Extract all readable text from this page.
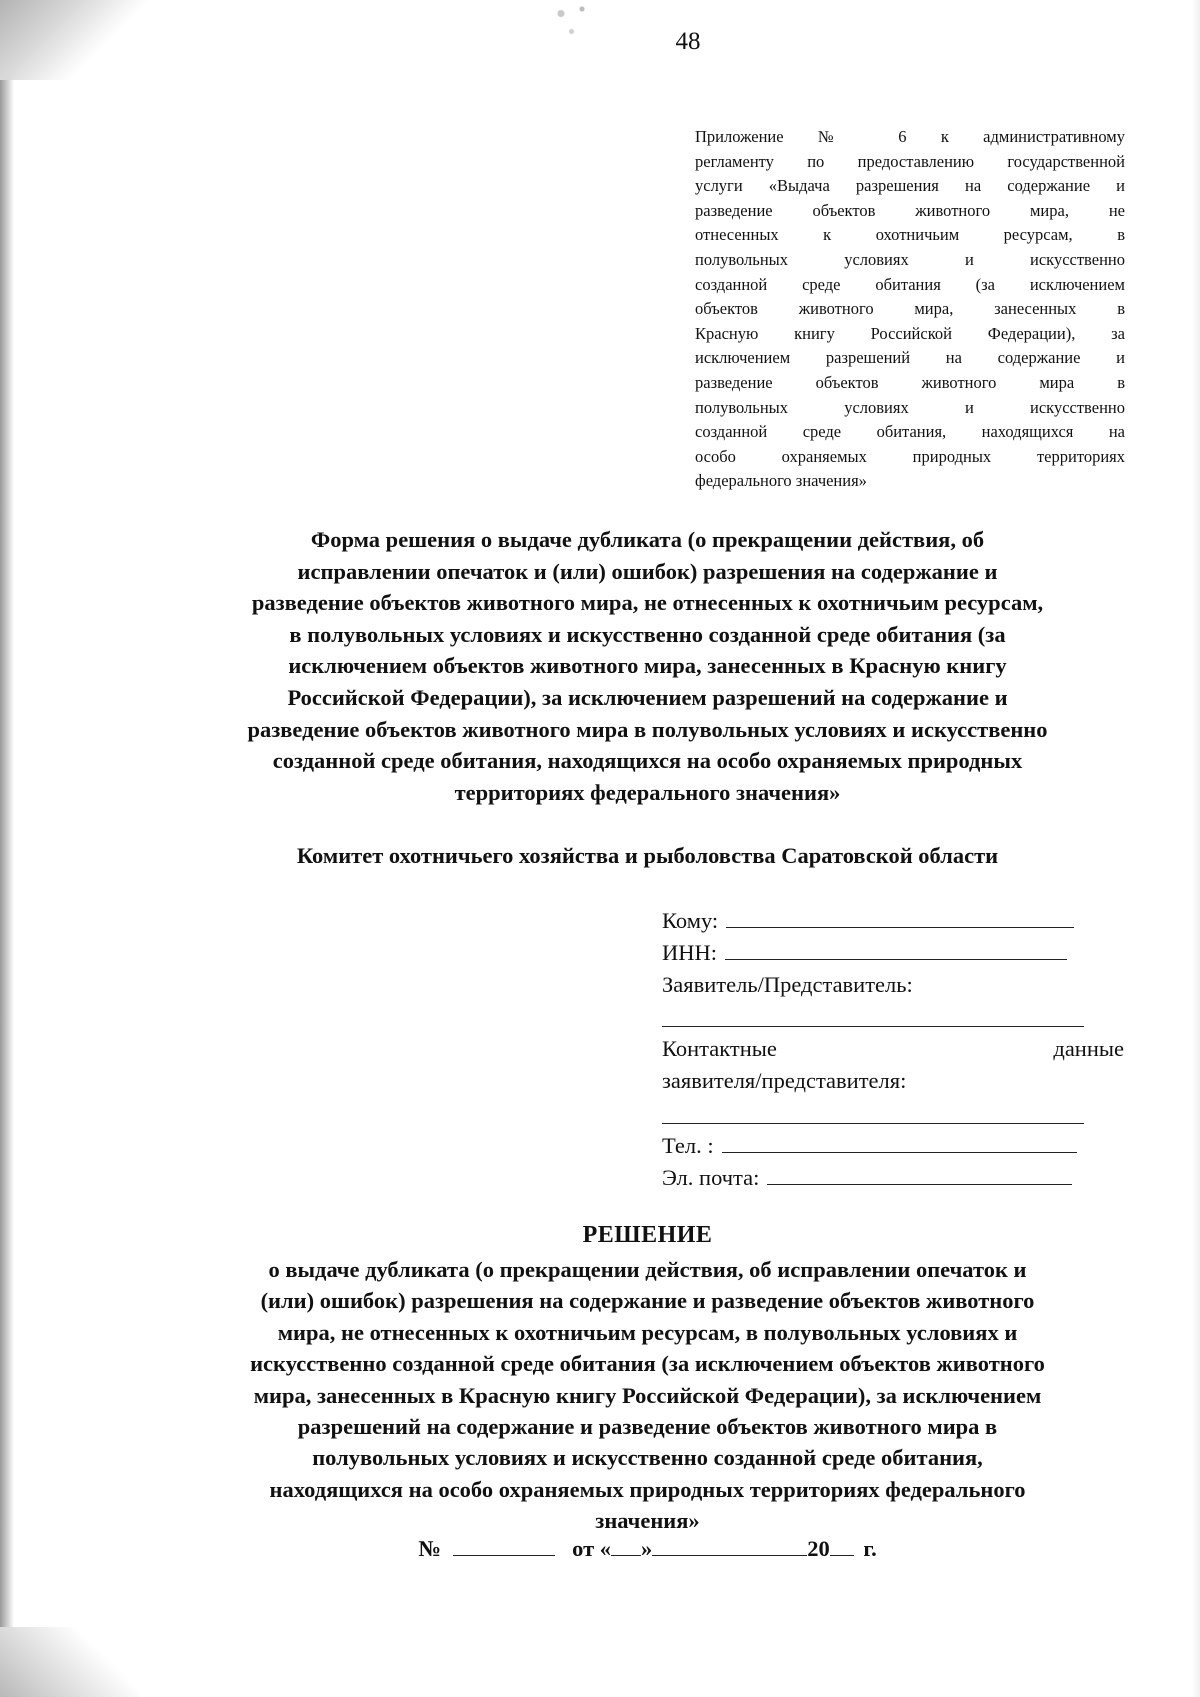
48
Приложение № 6 к административному
регламенту по предоставлению государственной
услуги «Выдача разрешения на содержание и
разведение объектов животного мира, не
отнесенных к охотничьим ресурсам, в
полувольных условиях и искусственно
созданной среде обитания (за исключением
объектов животного мира, занесенных в
Красную книгу Российской Федерации), за
исключением разрешений на содержание и
разведение объектов животного мира в
полувольных условиях и искусственно
созданной среде обитания, находящихся на
особо охраняемых природных территориях
федерального значения»
Форма решения о выдаче дубликата (о прекращении действия, об
исправлении опечаток и (или) ошибок) разрешения на содержание и
разведение объектов животного мира, не отнесенных к охотничьим ресурсам,
в полувольных условиях и искусственно созданной среде обитания (за
исключением объектов животного мира, занесенных в Красную книгу
Российской Федерации), за исключением разрешений на содержание и
разведение объектов животного мира в полувольных условиях и искусственно
созданной среде обитания, находящихся на особо охраняемых природных
территориях федерального значения»
Комитет охотничьего хозяйства и рыболовства Саратовской области
Кому:
ИНН:
Заявитель/Представитель:
Контактные	данные
заявителя/представителя:
Тел. :
Эл. почта:
РЕШЕНИЕ
о выдаче дубликата (о прекращении действия, об исправлении опечаток и
(или) ошибок) разрешения на содержание и разведение объектов животного
мира, не отнесенных к охотничьим ресурсам, в полувольных условиях и
искусственно созданной среде обитания (за исключением объектов животного
мира, занесенных в Красную книгу Российской Федерации), за исключением
разрешений на содержание и разведение объектов животного мира в
полувольных условиях и искусственно созданной среде обитания,
находящихся на особо охраняемых природных территориях федерального
значения»
№	от « »	20 г.
